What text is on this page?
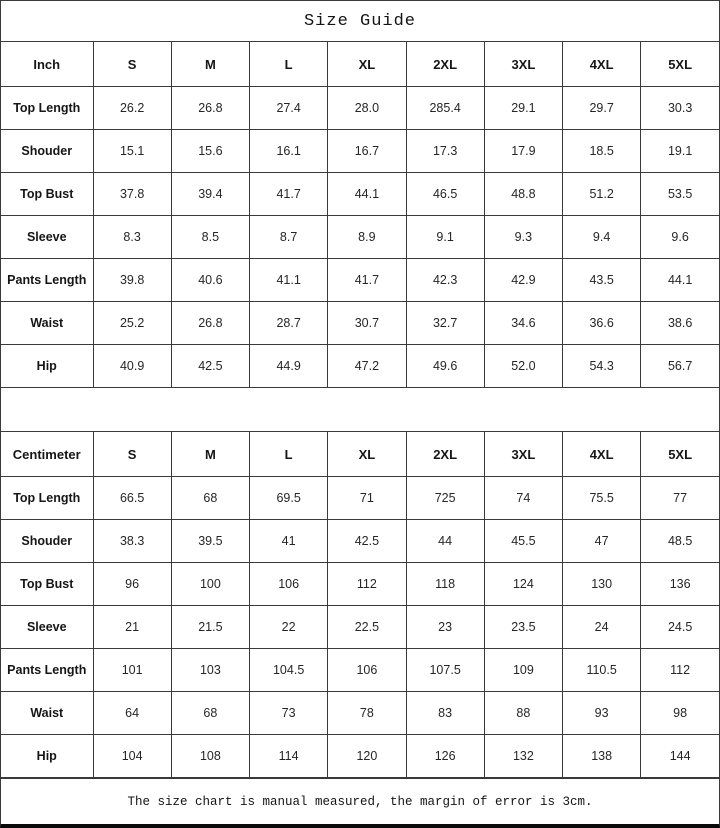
Size Guide
Inch	S	M	L	XL	2XL	3XL	4XL	5XL
Top Length	26.2	26.8	27.4	28.0	285.4	29.1	29.7	30.3
Shouder	15.1	15.6	16.1	16.7	17.3	17.9	18.5	19.1
Top Bust	37.8	39.4	41.7	44.1	46.5	48.8	51.2	53.5
Sleeve	8.3	8.5	8.7	8.9	9.1	9.3	9.4	9.6
Pants Length	39.8	40.6	41.1	41.7	42.3	42.9	43.5	44.1
Waist	25.2	26.8	28.7	30.7	32.7	34.6	36.6	38.6
Hip	40.9	42.5	44.9	47.2	49.6	52.0	54.3	56.7
Centimeter	S	M	L	XL	2XL	3XL	4XL	5XL
Top Length	66.5	68	69.5	71	725	74	75.5	77
Shouder	38.3	39.5	41	42.5	44	45.5	47	48.5
Top Bust	96	100	106	112	118	124	130	136
Sleeve	21	21.5	22	22.5	23	23.5	24	24.5
Pants Length	101	103	104.5	106	107.5	109	110.5	112
Waist	64	68	73	78	83	88	93	98
Hip	104	108	114	120	126	132	138	144
The size chart is manual measured, the margin of error is 3cm.
